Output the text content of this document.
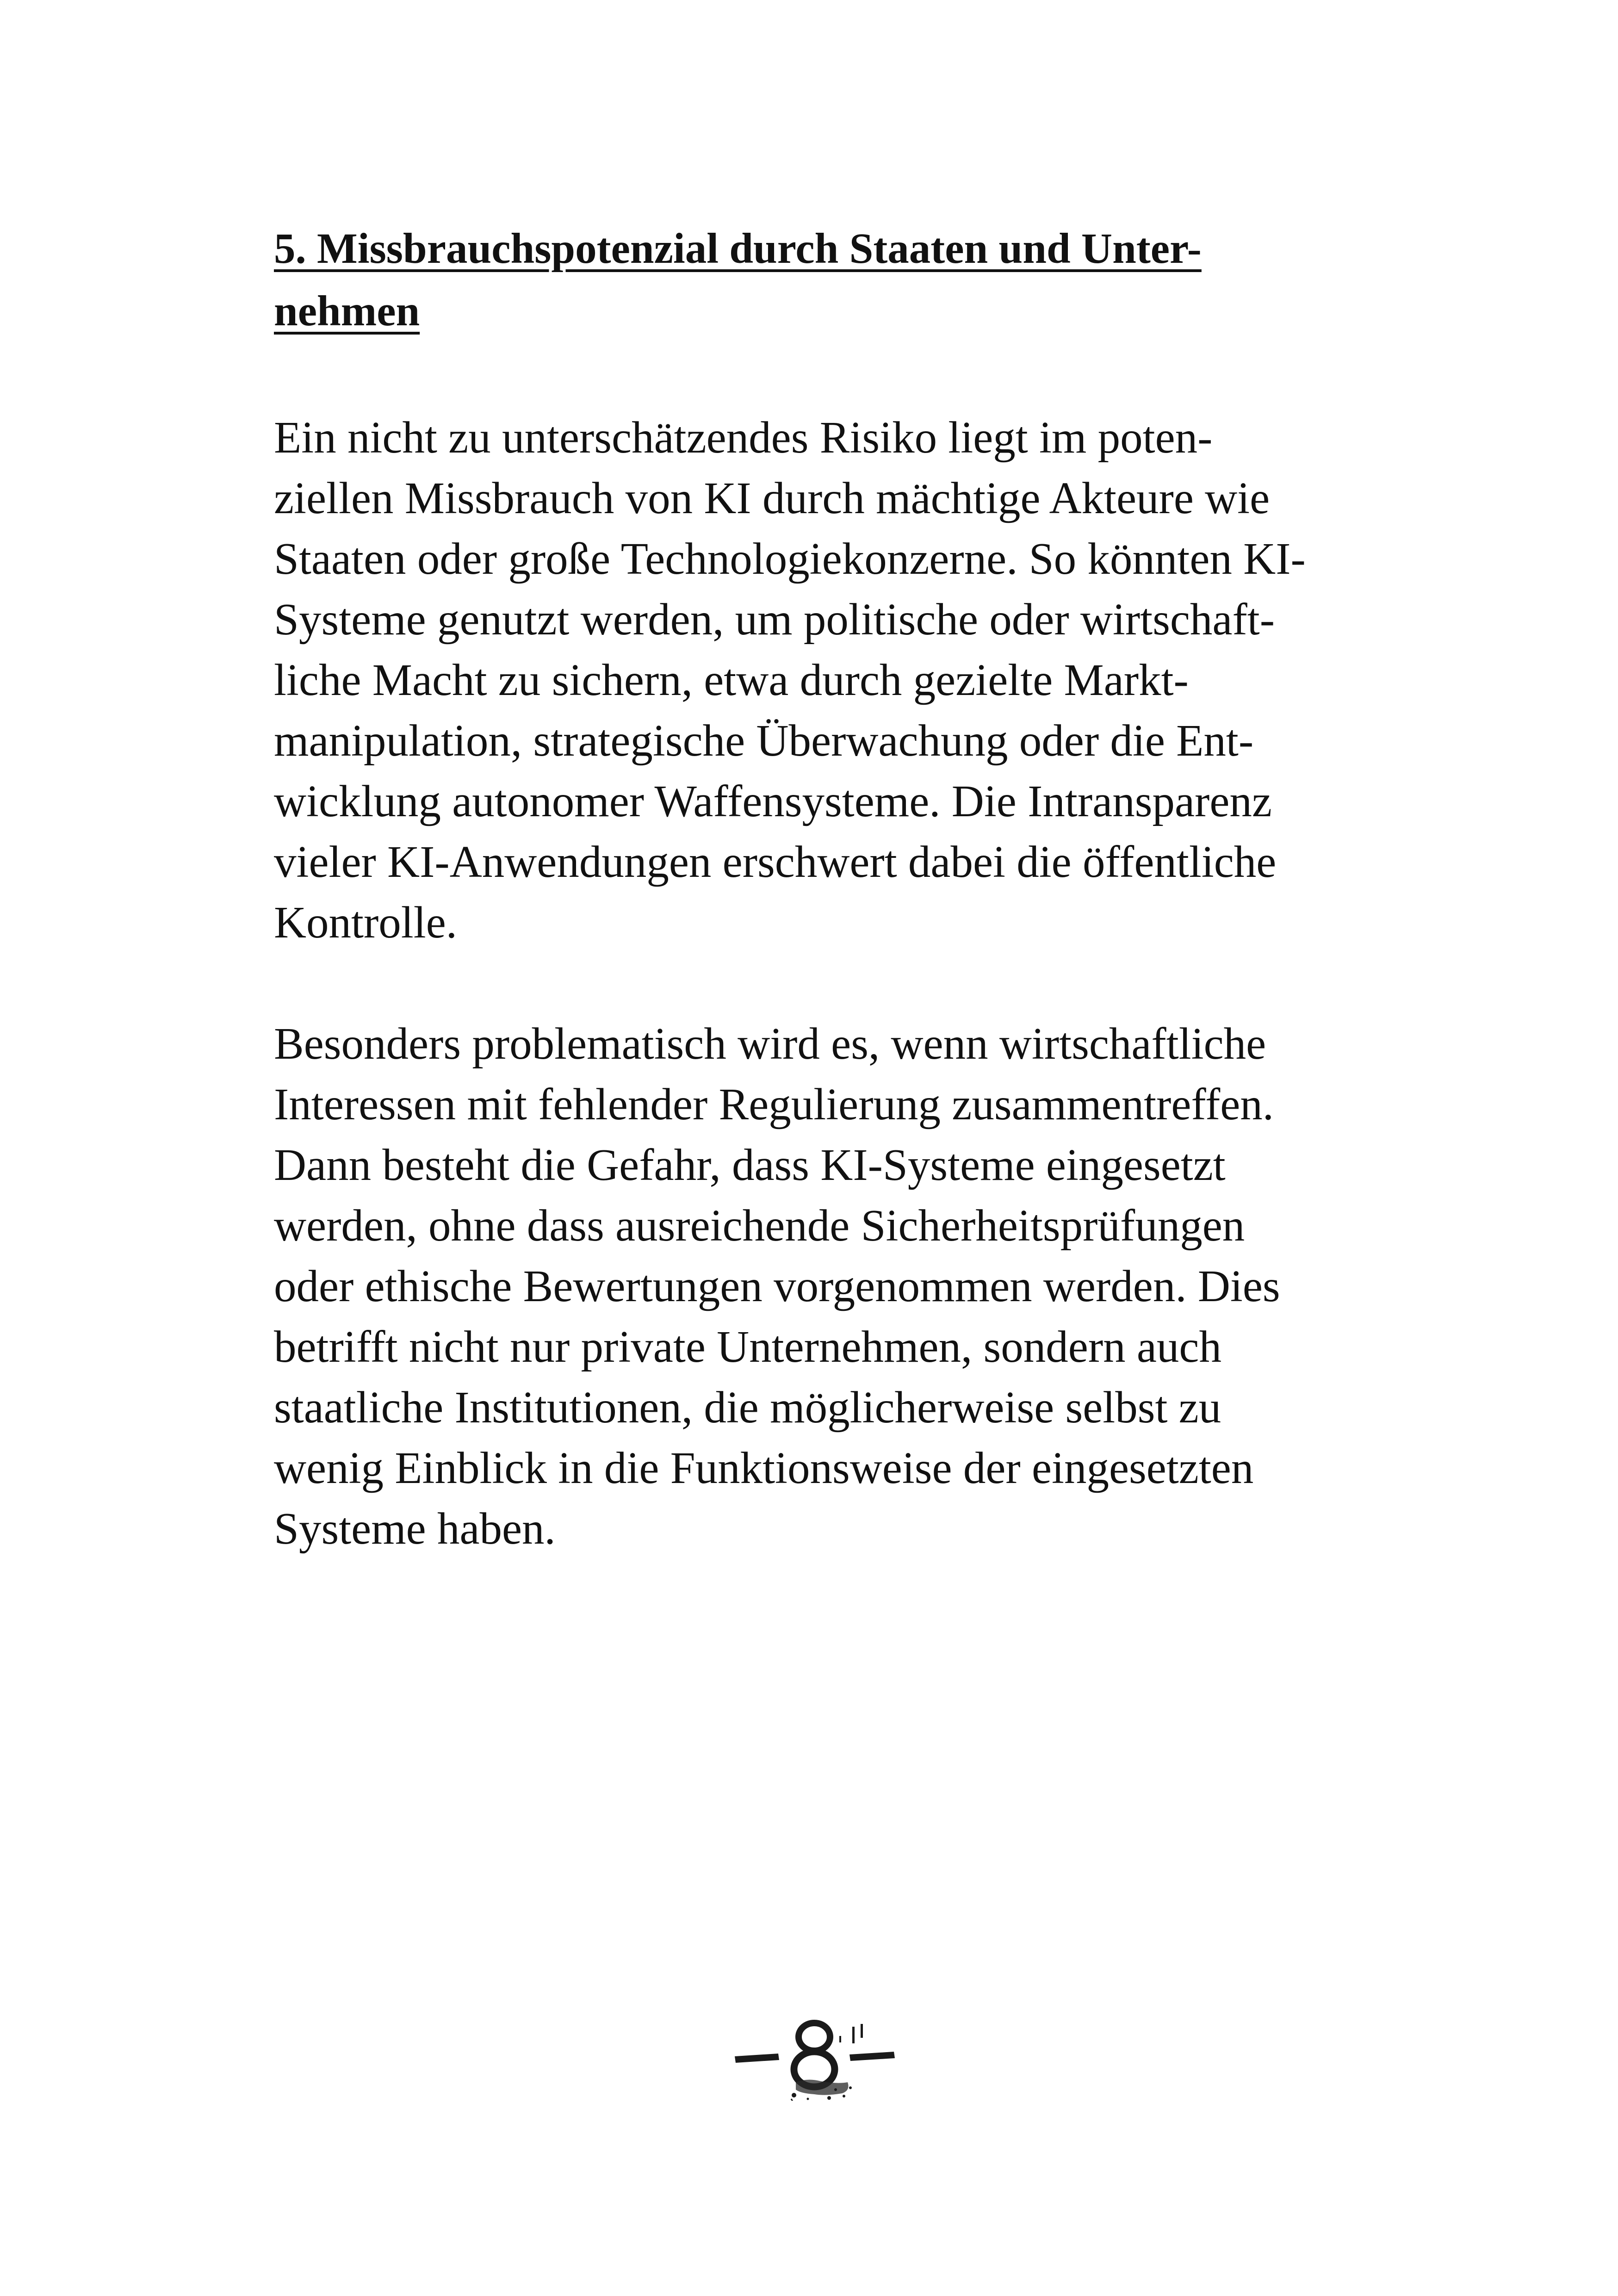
5. Missbrauchspotenzial durch Staaten und Unter-
nehmen

Ein nicht zu unterschätzendes Risiko liegt im poten-
ziellen Missbrauch von KI durch mächtige Akteure wie
Staaten oder große Technologiekonzerne. So könnten KI-
Systeme genutzt werden, um politische oder wirtschaft-
liche Macht zu sichern, etwa durch gezielte Markt-
manipulation, strategische Überwachung oder die Ent-
wicklung autonomer Waffensysteme. Die Intransparenz
vieler KI-Anwendungen erschwert dabei die öffentliche
Kontrolle.

Besonders problematisch wird es, wenn wirtschaftliche
Interessen mit fehlender Regulierung zusammentreffen.
Dann besteht die Gefahr, dass KI-Systeme eingesetzt
werden, ohne dass ausreichende Sicherheitsprüfungen
oder ethische Bewertungen vorgenommen werden. Dies
betrifft nicht nur private Unternehmen, sondern auch
staatliche Institutionen, die möglicherweise selbst zu
wenig Einblick in die Funktionsweise der eingesetzten
Systeme haben.
